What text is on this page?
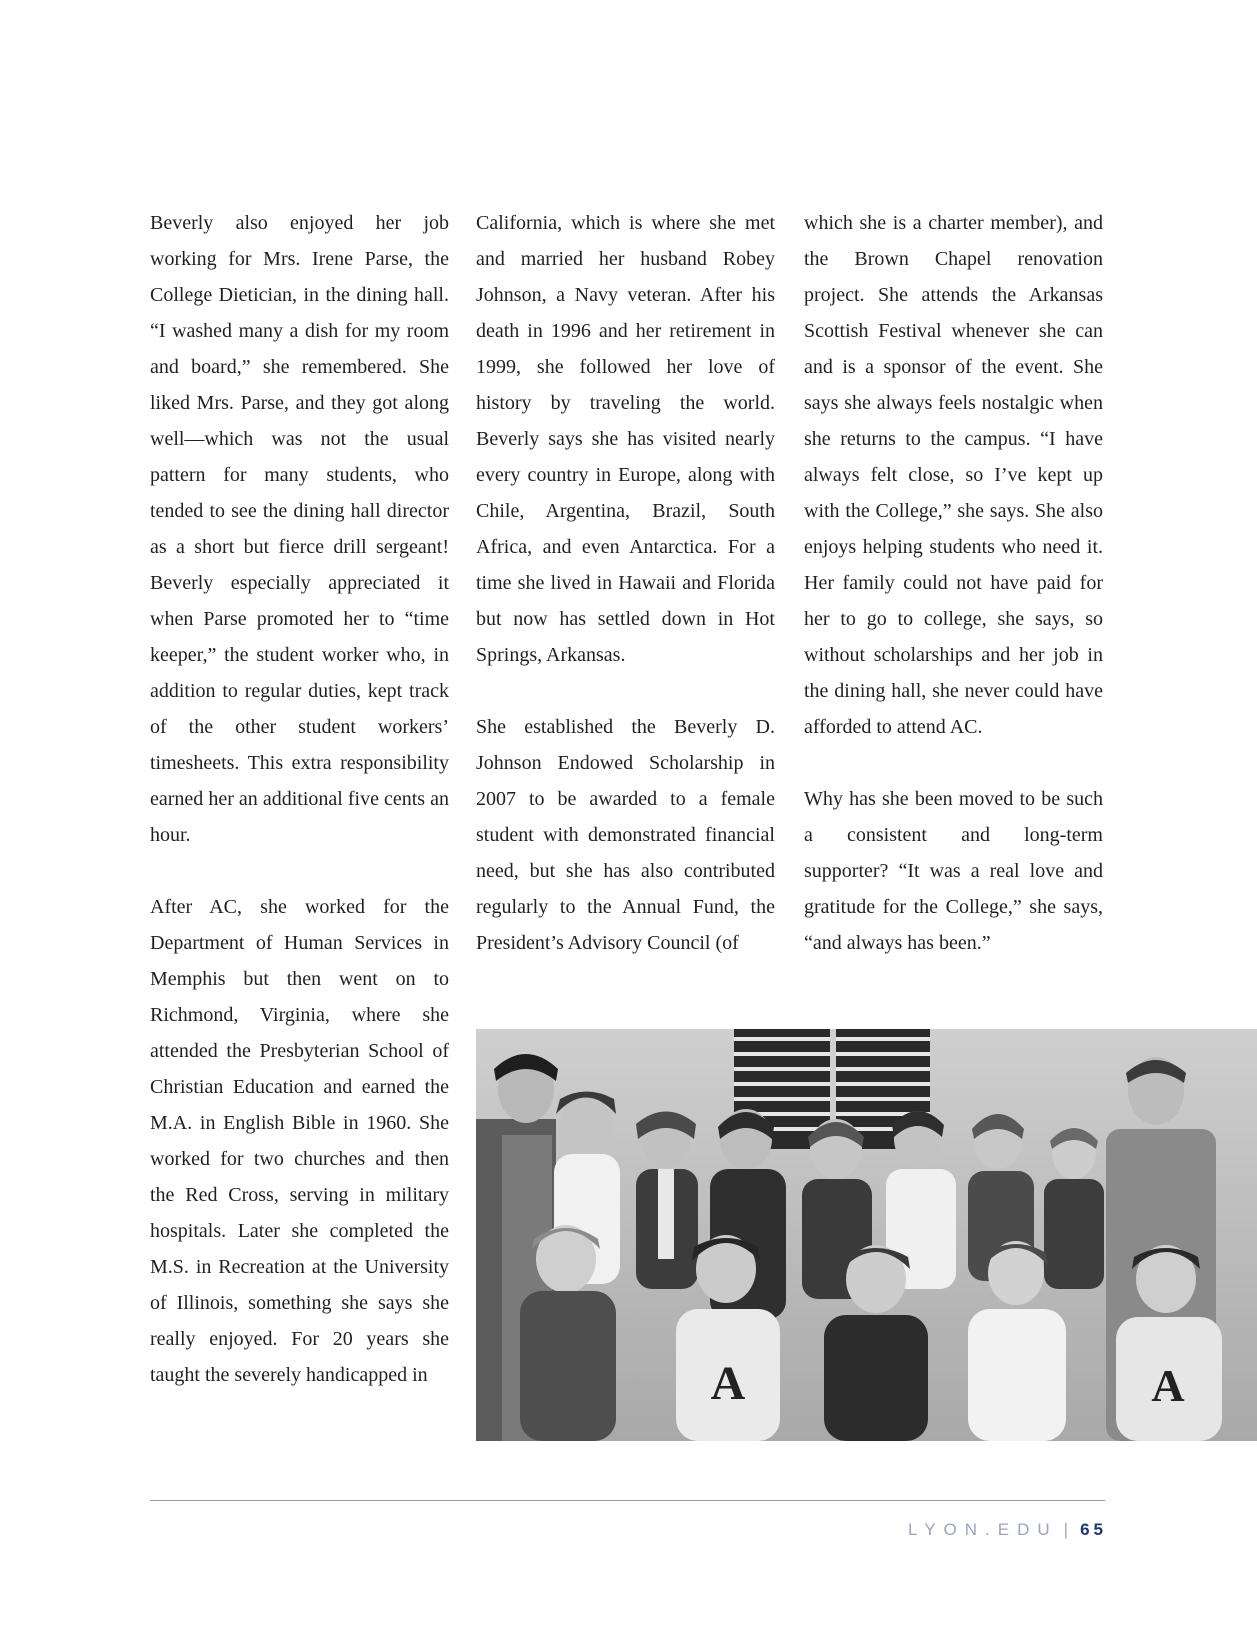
Beverly also enjoyed her job working for Mrs. Irene Parse, the College Dietician, in the dining hall. “I washed many a dish for my room and board,” she remembered. She liked Mrs. Parse, and they got along well—which was not the usual pattern for many students, who tended to see the dining hall director as a short but fierce drill sergeant! Beverly especially appreciated it when Parse promoted her to “time keeper,” the student worker who, in addition to regular duties, kept track of the other student workers’ timesheets. This extra responsibility earned her an additional five cents an hour.

After AC, she worked for the Department of Human Services in Memphis but then went on to Richmond, Virginia, where she attended the Presbyterian School of Christian Education and earned the M.A. in English Bible in 1960. She worked for two churches and then the Red Cross, serving in military hospitals. Later she completed the M.S. in Recreation at the University of Illinois, something she says she really enjoyed. For 20 years she taught the severely handicapped in

California, which is where she met and married her husband Robey Johnson, a Navy veteran. After his death in 1996 and her retirement in 1999, she followed her love of history by traveling the world. Beverly says she has visited nearly every country in Europe, along with Chile, Argentina, Brazil, South Africa, and even Antarctica. For a time she lived in Hawaii and Florida but now has settled down in Hot Springs, Arkansas.

She established the Beverly D. Johnson Endowed Scholarship in 2007 to be awarded to a female student with demonstrated financial need, but she has also contributed regularly to the Annual Fund, the President’s Advisory Council (of

which she is a charter member), and the Brown Chapel renovation project. She attends the Arkansas Scottish Festival whenever she can and is a sponsor of the event. She says she always feels nostalgic when she returns to the campus. “I have always felt close, so I’ve kept up with the College,” she says. She also enjoys helping students who need it. Her family could not have paid for her to go to college, she says, so without scholarships and her job in the dining hall, she never could have afforded to attend AC.

Why has she been moved to be such a consistent and long-term supporter? “It was a real love and gratitude for the College,” she says, “and always has been.”

A	A
LYON.EDU | 65
